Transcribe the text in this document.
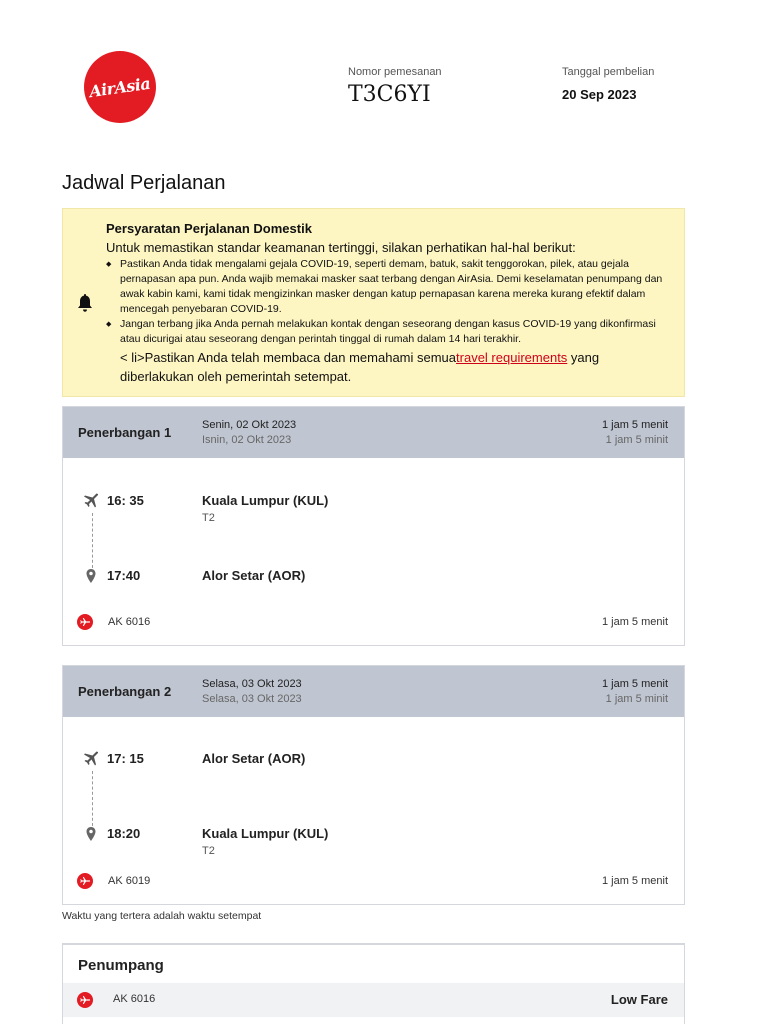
AirAsia
Nomor pemesanan
T3C6YI
Tanggal pembelian
20 Sep 2023
Jadwal Perjalanan
Persyaratan Perjalanan Domestik
Untuk memastikan standar keamanan tertinggi, silakan perhatikan hal-hal berikut:
◆ Pastikan Anda tidak mengalami gejala COVID-19, seperti demam, batuk, sakit tenggorokan, pilek, atau gejala pernapasan apa pun. Anda wajib memakai masker saat terbang dengan AirAsia. Demi keselamatan penumpang dan awak kabin kami, kami tidak mengizinkan masker dengan katup pernapasan karena mereka kurang efektif dalam mencegah penyebaran COVID-19.
◆ Jangan terbang jika Anda pernah melakukan kontak dengan seseorang dengan kasus COVID-19 yang dikonfirmasi atau dicurigai atau seseorang dengan perintah tinggal di rumah dalam 14 hari terakhir.
< li>Pastikan Anda telah membaca dan memahami semuatravel requirements yang diberlakukan oleh pemerintah setempat.
Penerbangan 1	Senin, 02 Okt 2023
Isnin, 02 Okt 2023
1 jam 5 menit
1 jam 5 minit
16: 35	Kuala Lumpur (KUL)
T2
17:40	Alor Setar (AOR)
AK 6016	1 jam 5 menit
Penerbangan 2	Selasa, 03 Okt 2023
Selasa, 03 Okt 2023
1 jam 5 menit
1 jam 5 minit
17: 15	Alor Setar (AOR)
18:20	Kuala Lumpur (KUL)
T2
AK 6019	1 jam 5 menit
Waktu yang tertera adalah waktu setempat
Penumpang
AK 6016	Low Fare
